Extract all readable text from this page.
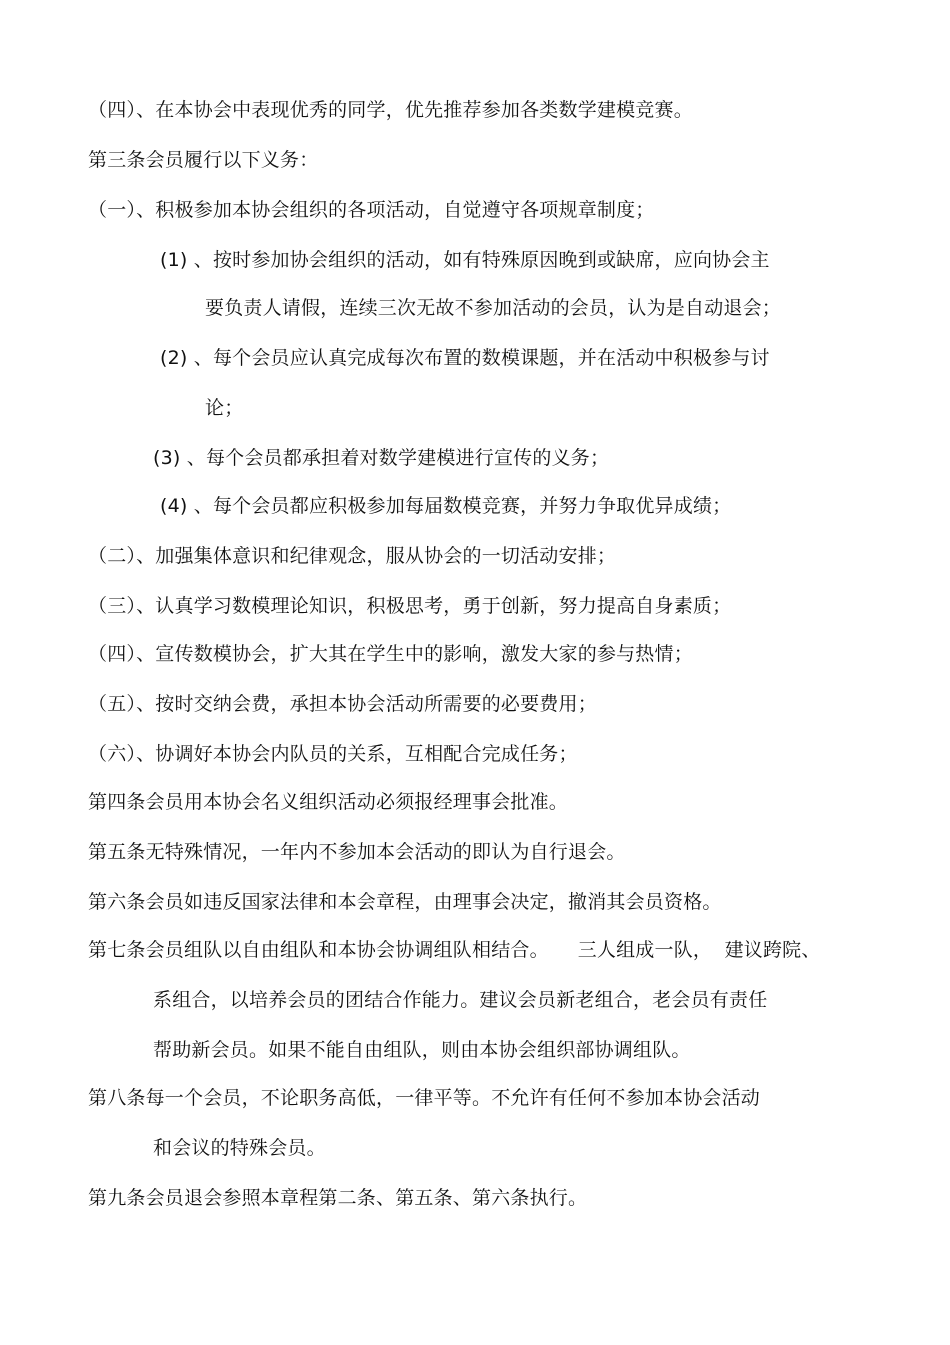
（四）、在本协会中表现优秀的同学，优先推荐参加各类数学建模竞赛。
第三条会员履行以下义务：
（一）、积极参加本协会组织的各项活动，自觉遵守各项规章制度；
(1) 、按时参加协会组织的活动，如有特殊原因晚到或缺席，应向协会主
要负责人请假，连续三次无故不参加活动的会员，认为是自动退会；
(2) 、每个会员应认真完成每次布置的数模课题，并在活动中积极参与讨
论；
(3) 、每个会员都承担着对数学建模进行宣传的义务；
(4) 、每个会员都应积极参加每届数模竞赛，并努力争取优异成绩；
（二）、加强集体意识和纪律观念，服从协会的一切活动安排；
（三）、认真学习数模理论知识，积极思考，勇于创新，努力提高自身素质；
（四）、宣传数模协会，扩大其在学生中的影响，激发大家的参与热情；
（五）、按时交纳会费，承担本协会活动所需要的必要费用；
（六）、协调好本协会内队员的关系，互相配合完成任务；
第四条会员用本协会名义组织活动必须报经理事会批准。
第五条无特殊情况，一年内不参加本会活动的即认为自行退会。
第六条会员如违反国家法律和本会章程，由理事会决定，撤消其会员资格。
第七条会员组队以自由组队和本协会协调组队相结合。　　三人组成一队，  建议跨院、
系组合，以培养会员的团结合作能力。建议会员新老组合，老会员有责任
帮助新会员。如果不能自由组队，则由本协会组织部协调组队。
第八条每一个会员，不论职务高低，一律平等。不允许有任何不参加本协会活动
和会议的特殊会员。
第九条会员退会参照本章程第二条、第五条、第六条执行。
